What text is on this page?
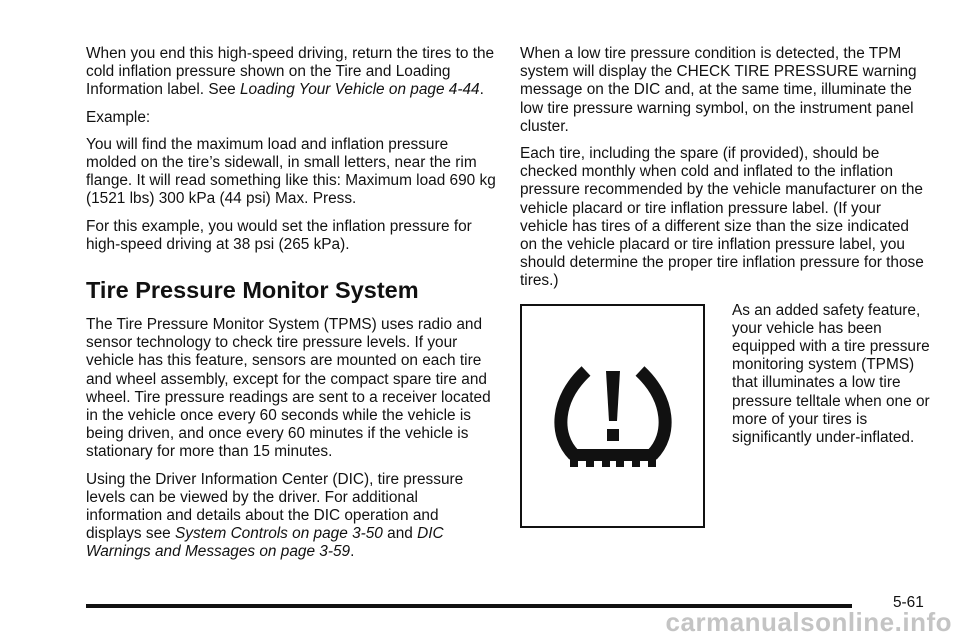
When you end this high-speed driving, return the tires to the cold inflation pressure shown on the Tire and Loading Information label. See Loading Your Vehicle on page 4-44.

Example:

You will find the maximum load and inflation pressure molded on the tire’s sidewall, in small letters, near the rim flange. It will read something like this: Maximum load 690 kg (1521 lbs) 300 kPa (44 psi) Max. Press.

For this example, you would set the inflation pressure for high-speed driving at 38 psi (265 kPa).

Tire Pressure Monitor System

The Tire Pressure Monitor System (TPMS) uses radio and sensor technology to check tire pressure levels. If your vehicle has this feature, sensors are mounted on each tire and wheel assembly, except for the compact spare tire and wheel. Tire pressure readings are sent to a receiver located in the vehicle once every 60 seconds while the vehicle is being driven, and once every 60 minutes if the vehicle is stationary for more than 15 minutes.

Using the Driver Information Center (DIC), tire pressure levels can be viewed by the driver. For additional information and details about the DIC operation and displays see System Controls on page 3-50 and DIC Warnings and Messages on page 3-59.

When a low tire pressure condition is detected, the TPM system will display the CHECK TIRE PRESSURE warning message on the DIC and, at the same time, illuminate the low tire pressure warning symbol, on the instrument panel cluster.

Each tire, including the spare (if provided), should be checked monthly when cold and inflated to the inflation pressure recommended by the vehicle manufacturer on the vehicle placard or tire inflation pressure label. (If your vehicle has tires of a different size than the size indicated on the vehicle placard or tire inflation pressure label, you should determine the proper tire inflation pressure for those tires.)

As an added safety feature, your vehicle has been equipped with a tire pressure monitoring system (TPMS) that illuminates a low tire pressure telltale when one or more of your tires is significantly under-inflated.

5-61
carmanualsonline.info
